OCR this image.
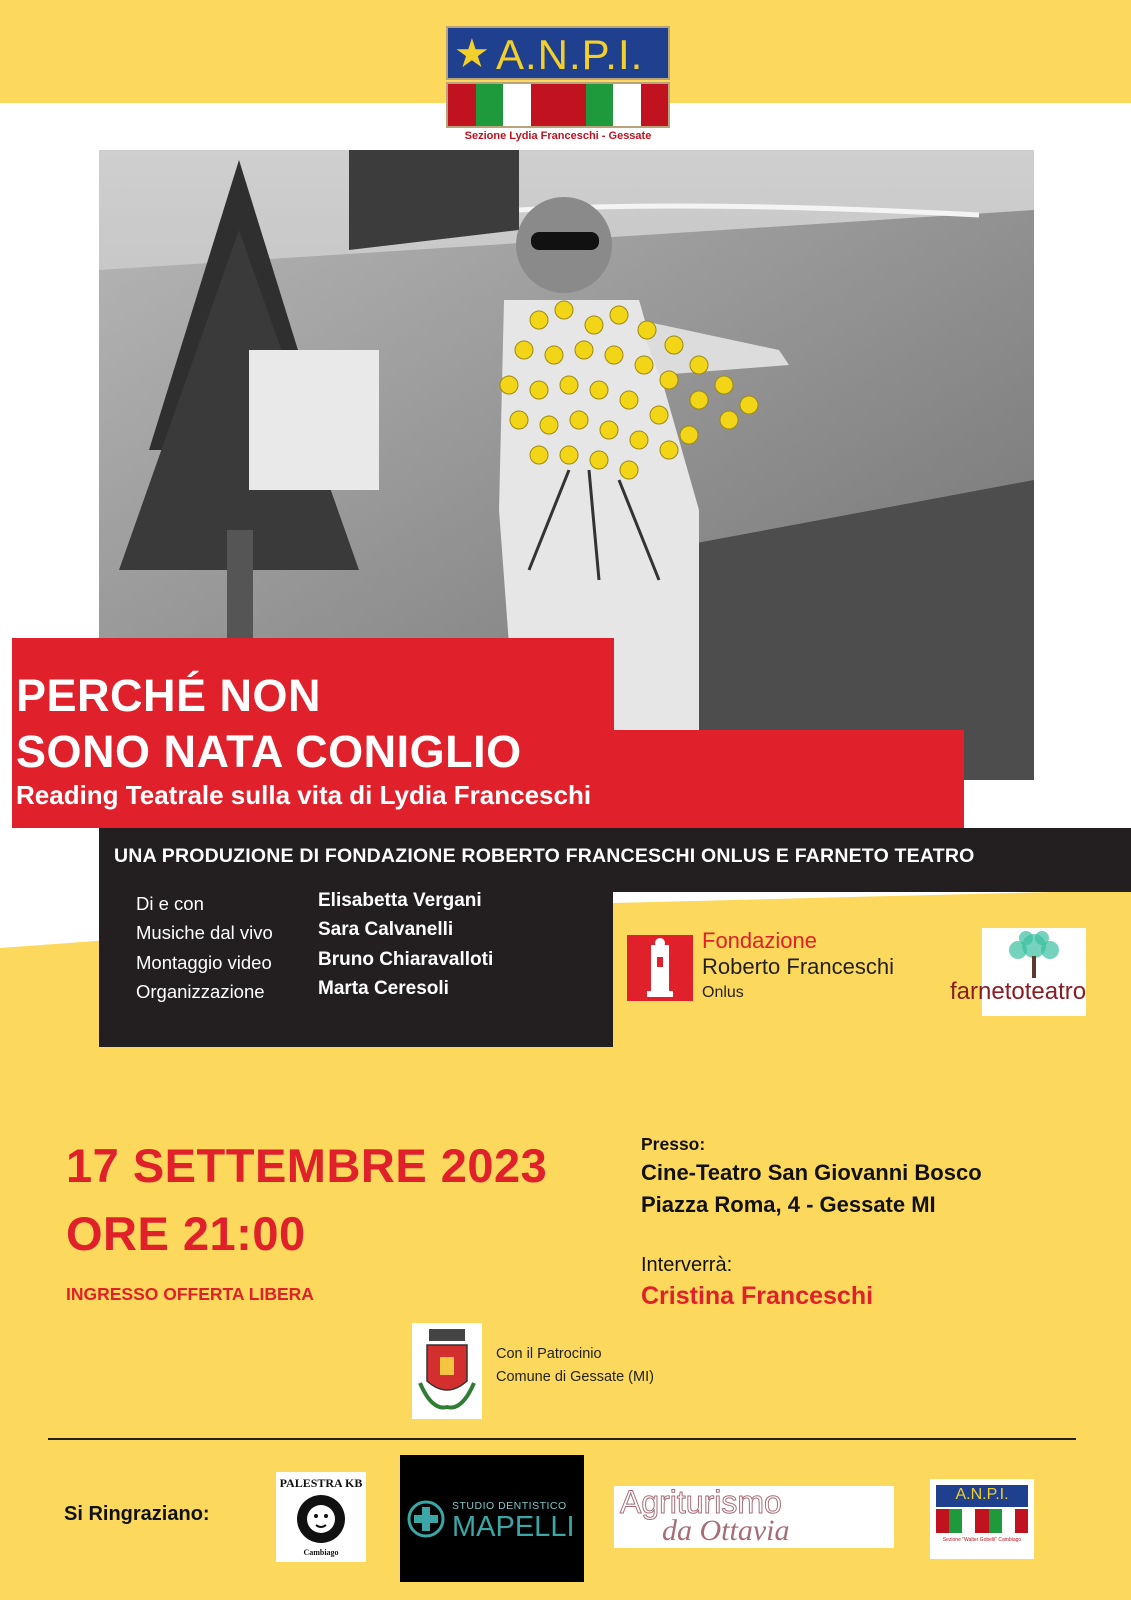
★ A.N.P.I.
Sezione Lydia Franceschi - Gessate
PERCHÉ NON
SONO NATA CONIGLIO
Reading Teatrale sulla vita di Lydia Franceschi
UNA PRODUZIONE DI FONDAZIONE ROBERTO FRANCESCHI ONLUS E FARNETO TEATRO
Di e con	Elisabetta Vergani
Musiche dal vivo Sara Calvanelli
Montaggio video Bruno Chiaravalloti
Organizzazione	Marta Ceresoli
Fondazione
Roberto Franceschi
Onlus	farnetoteatro
17 SETTEMBRE 2023
ORE 21:00
INGRESSO OFFERTA LIBERA
Presso:
Cine-Teatro San Giovanni Bosco
Piazza Roma, 4 - Gessate MI
Interverrà:
Cristina Franceschi
Con il Patrocinio
Comune di Gessate (MI)
Si Ringraziano:
PALESTRA KB
Cambiago
STUDIO DENTISTICO
MAPELLI
Agriturismo
da Ottavia
A.N.P.I.
Sezione "Walter Gobelli" Cambiago
